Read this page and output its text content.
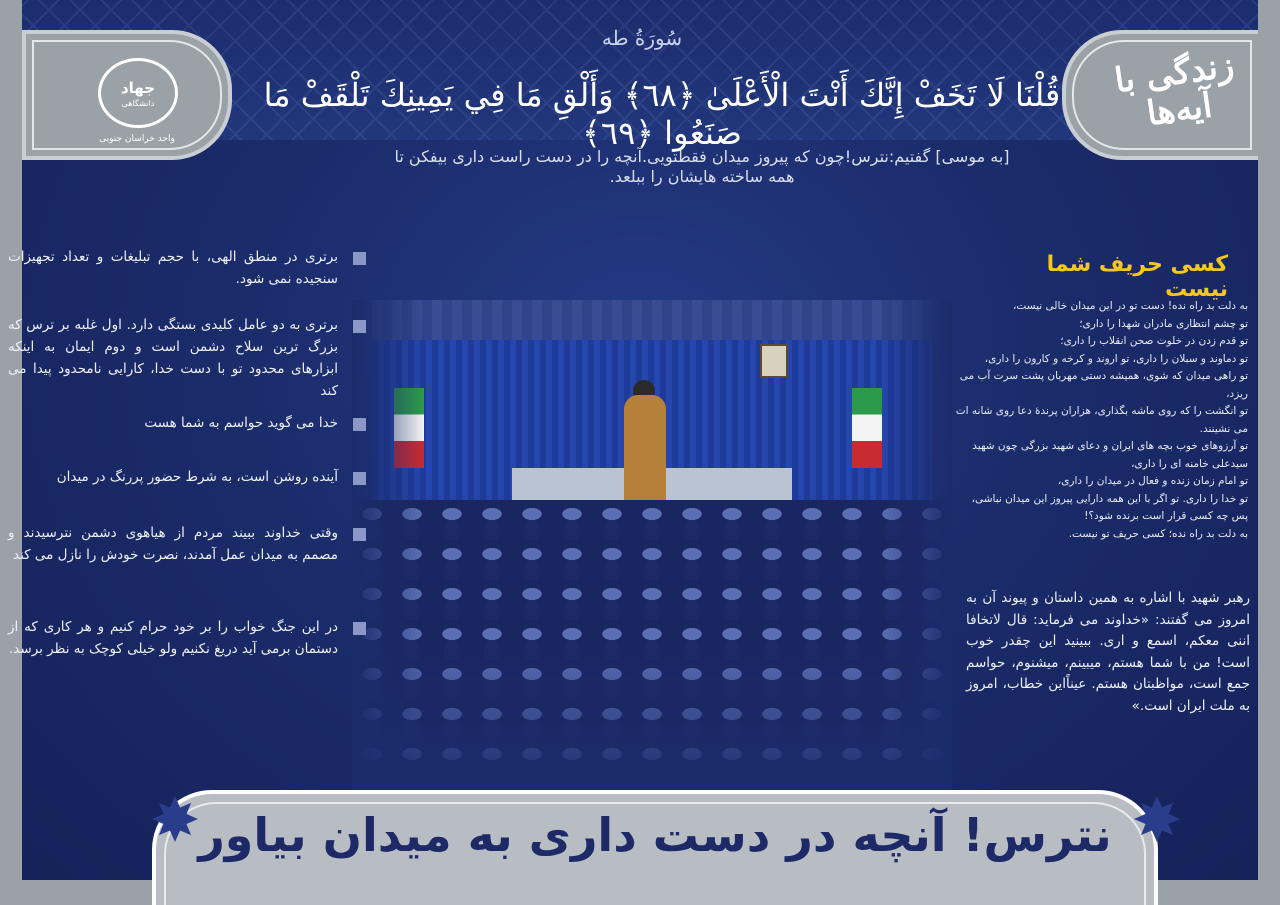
جهاد
دانشگاهی
واحد خراسان جنوبی
زندگی با آیه‌ها
سُورَةُ طه
قُلْنَا لَا تَخَفْ إِنَّكَ أَنْتَ الْأَعْلَىٰ ﴿٦٨﴾ وَأَلْقِ مَا فِي يَمِينِكَ تَلْقَفْ مَا صَنَعُوا ﴿٦٩﴾
[به موسی] گفتیم:نترس!چون که پیروز میدان فقطتویی.آنچه را در دست راست داری بیفکن تا همه ساخته هایشان را ببلعد.
کسی حریف شما نیست
به دلت بد راه نده! دست تو در این میدان خالی نیست،
تو چشم انتظاری مادران شهدا را داری؛
تو قدم زدن در خلوت صحن انقلاب را داری؛
تو دماوند و سبلان را داری، تو اروند و کرخه و کارون را داری،
تو راهی میدان که شوی، همیشه دستی مهربان پشت سرت آب می ریزد،
تو انگشت را که روی ماشه بگذاری، هزاران پرندهٔ دعا روی شانه ات می نشینند.
تو آرزوهای خوب بچه های ایران و دعای شهید بزرگی چون شهید سیدعلی خامنه ای را داری،
تو امام زمان زنده و فعال در میدان را داری،
تو خدا را داری. تو اگر با این همه دارایی پیروز این میدان نباشی، پس چه کسی قرار است برنده شود؟!
به دلت بد راه نده؛ کسی حریف تو نیست.
رهبر شهید با اشاره به همین داستان و پیوند آن به امروز می گفتند: «خداوند می فرماید: قال لاتخافا اننی معکم، اسمع و اری. ببینید این چقدر خوب است! من با شما هستم، میبینم، میشنوم، حواسم جمع است، مواظبتان هستم. عیناًاین خطاب، امروز به ملت ایران است.»
برتری در منطق الهی، با حجم تبلیغات و تعداد تجهیزات سنجیده نمی شود.
برتری به دو عامل کلیدی بستگی دارد. اول غلبه بر ترس که بزرگ ترین سلاح دشمن است و دوم ایمان به اینکه ابزارهای محدود تو با دست خدا، کارایی نامحدود پیدا می کند
خدا می گوید حواسم به شما هست
آینده روشن است، به شرط حضور پررنگ در میدان
وقتی خداوند ببیند مردم از هیاهوی دشمن نترسیدند و مصمم به میدان عمل آمدند، نصرت خودش را نازل می کند
در این جنگ خواب را بر خود حرام کنیم و هر کاری که از دستمان برمی آید دریغ نکنیم ولو خیلی کوچک به نظر برسد.
نترس! آنچه در دست داری به میدان بیاور
